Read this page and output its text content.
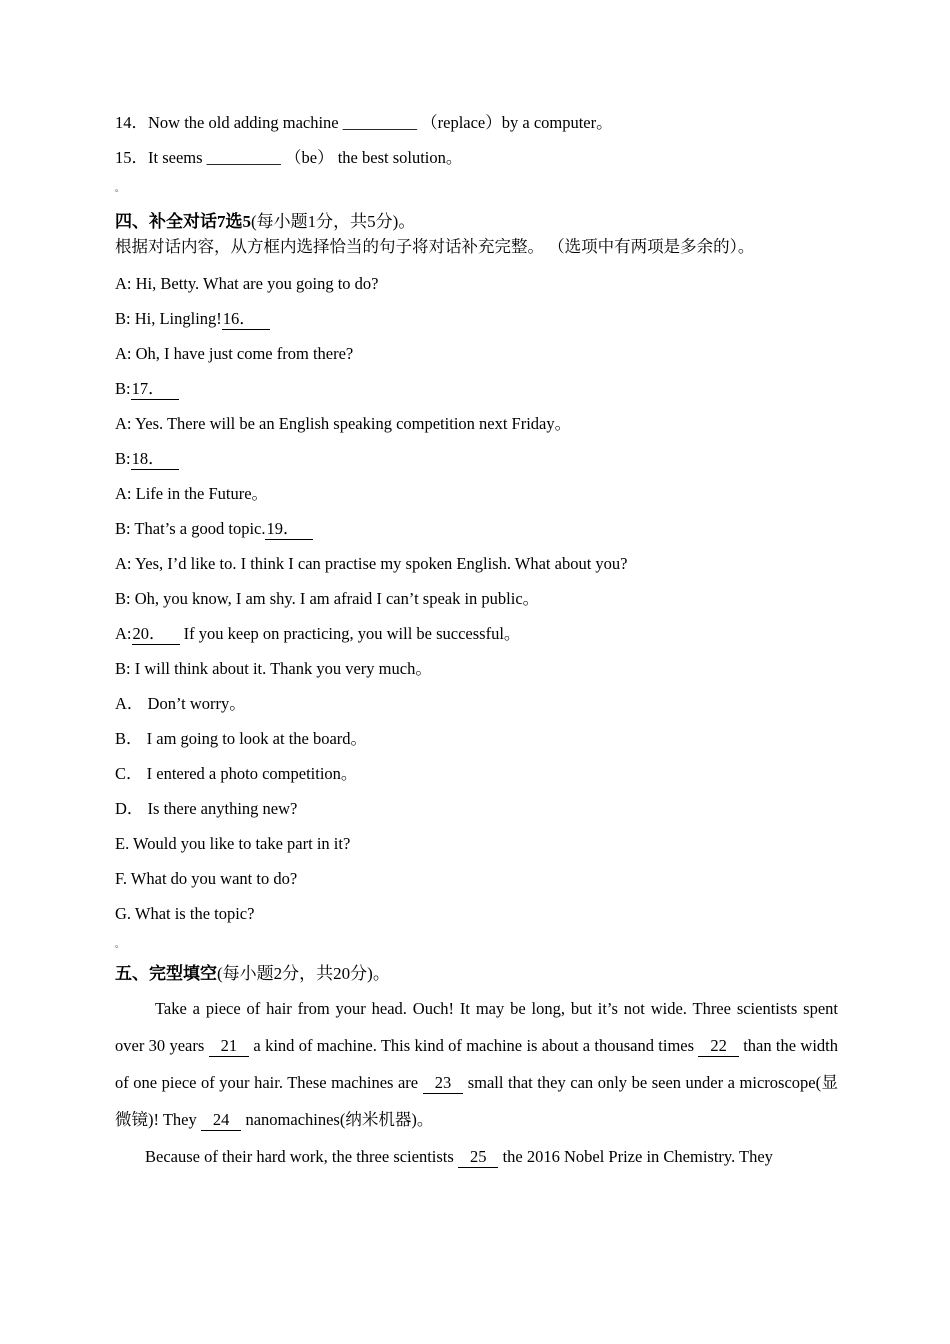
14．Now the old adding machine _________ （replace）by a computer。

15．It seems _________ （be） the best solution。

。

四、补全对话7选5(每小题1分，共5分)。

根据对话内容，从方框内选择恰当的句子将对话补充完整。 （选项中有两项是多余的）。

A: Hi, Betty. What are you going to do?

B: Hi, Lingling!16．

A: Oh, I have just come from there?

B:17．

A: Yes. There will be an English speaking competition next Friday。

B:18．

A: Life in the Future。

B: That’s a good topic.19．

A: Yes, I’d like to. I think I can practise my spoken English. What about you?

B: Oh, you know, I am shy. I am afraid I can’t speak in public。

A:20． If you keep on practicing, you will be successful。

B: I will think about it. Thank you very much。

A． Don’t worry。

B． I am going to look at the board。

C． I entered a photo competition。

D． Is there anything new?

E. Would you like to take part in it?

F. What do you want to do?

G. What is the topic?

。

五、完型填空(每小题2分，共20分)。

Take a piece of hair from your head. Ouch! It may be long, but it’s not wide. Three scientists spent over 30 years 21 a kind of machine. This kind of machine is about a thousand times 22 than the width of one piece of your hair. These machines are 23 small that they can only be seen under a microscope(显微镜)! They 24 nanomachines(纳米机器)。

Because of their hard work, the three scientists 25 the 2016 Nobel Prize in Chemistry. They
